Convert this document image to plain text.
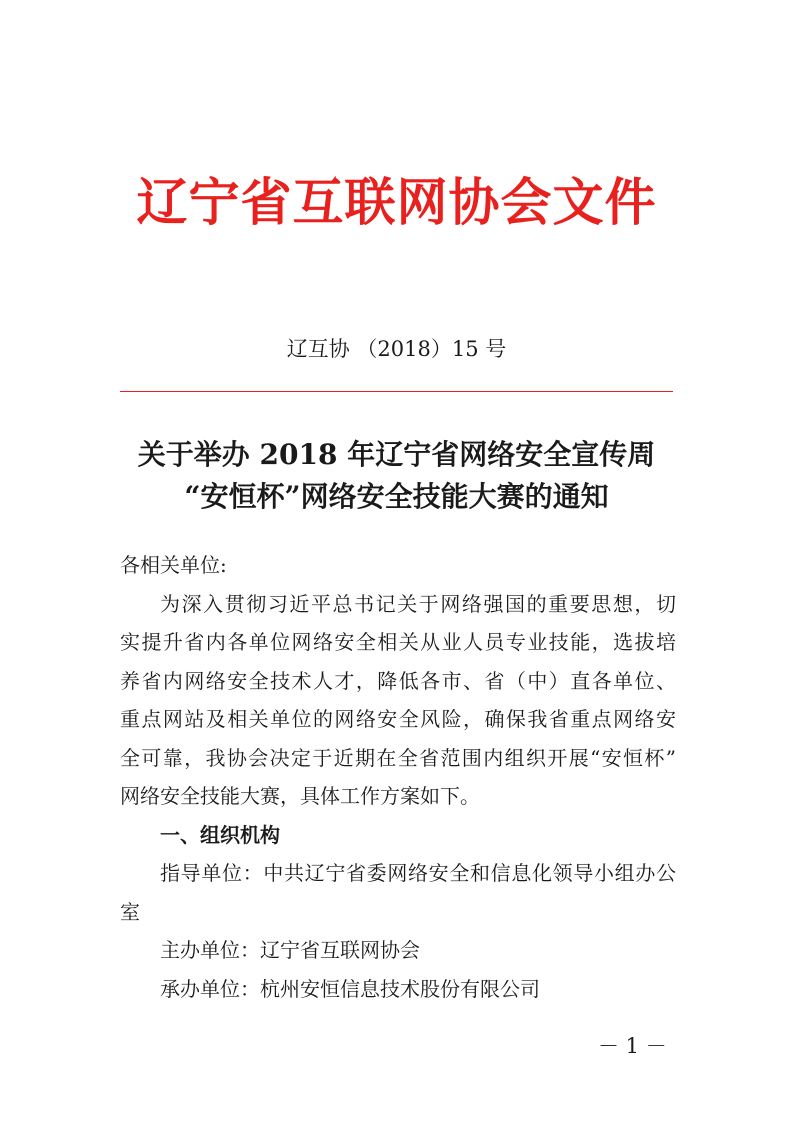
辽宁省互联网协会文件
辽互协 （2018）15 号
关于举办 2018 年辽宁省网络安全宣传周
“安恒杯”网络安全技能大赛的通知
各相关单位:
为深入贯彻习近平总书记关于网络强国的重要思想，切
实提升省内各单位网络安全相关从业人员专业技能，选拔培
养省内网络安全技术人才，降低各市、省（中）直各单位、
重点网站及相关单位的网络安全风险，确保我省重点网络安
全可靠，我协会决定于近期在全省范围内组织开展“安恒杯”
网络安全技能大赛，具体工作方案如下。
一、组织机构
指导单位：中共辽宁省委网络安全和信息化领导小组办公
室
主办单位：辽宁省互联网协会
承办单位：杭州安恒信息技术股份有限公司
－ 1 －
